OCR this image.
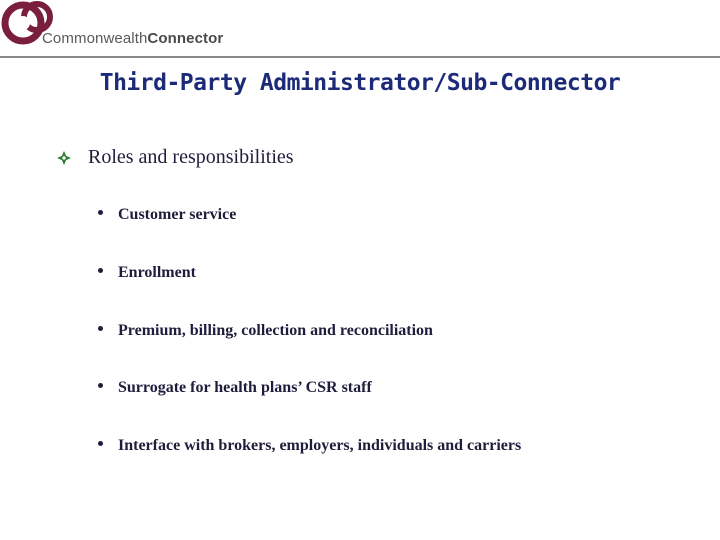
CommonwealthConnector
Third-Party Administrator/Sub-Connector
Roles and responsibilities
Customer service
Enrollment
Premium, billing, collection and reconciliation
Surrogate for health plans’ CSR staff
Interface with brokers, employers, individuals and carriers
